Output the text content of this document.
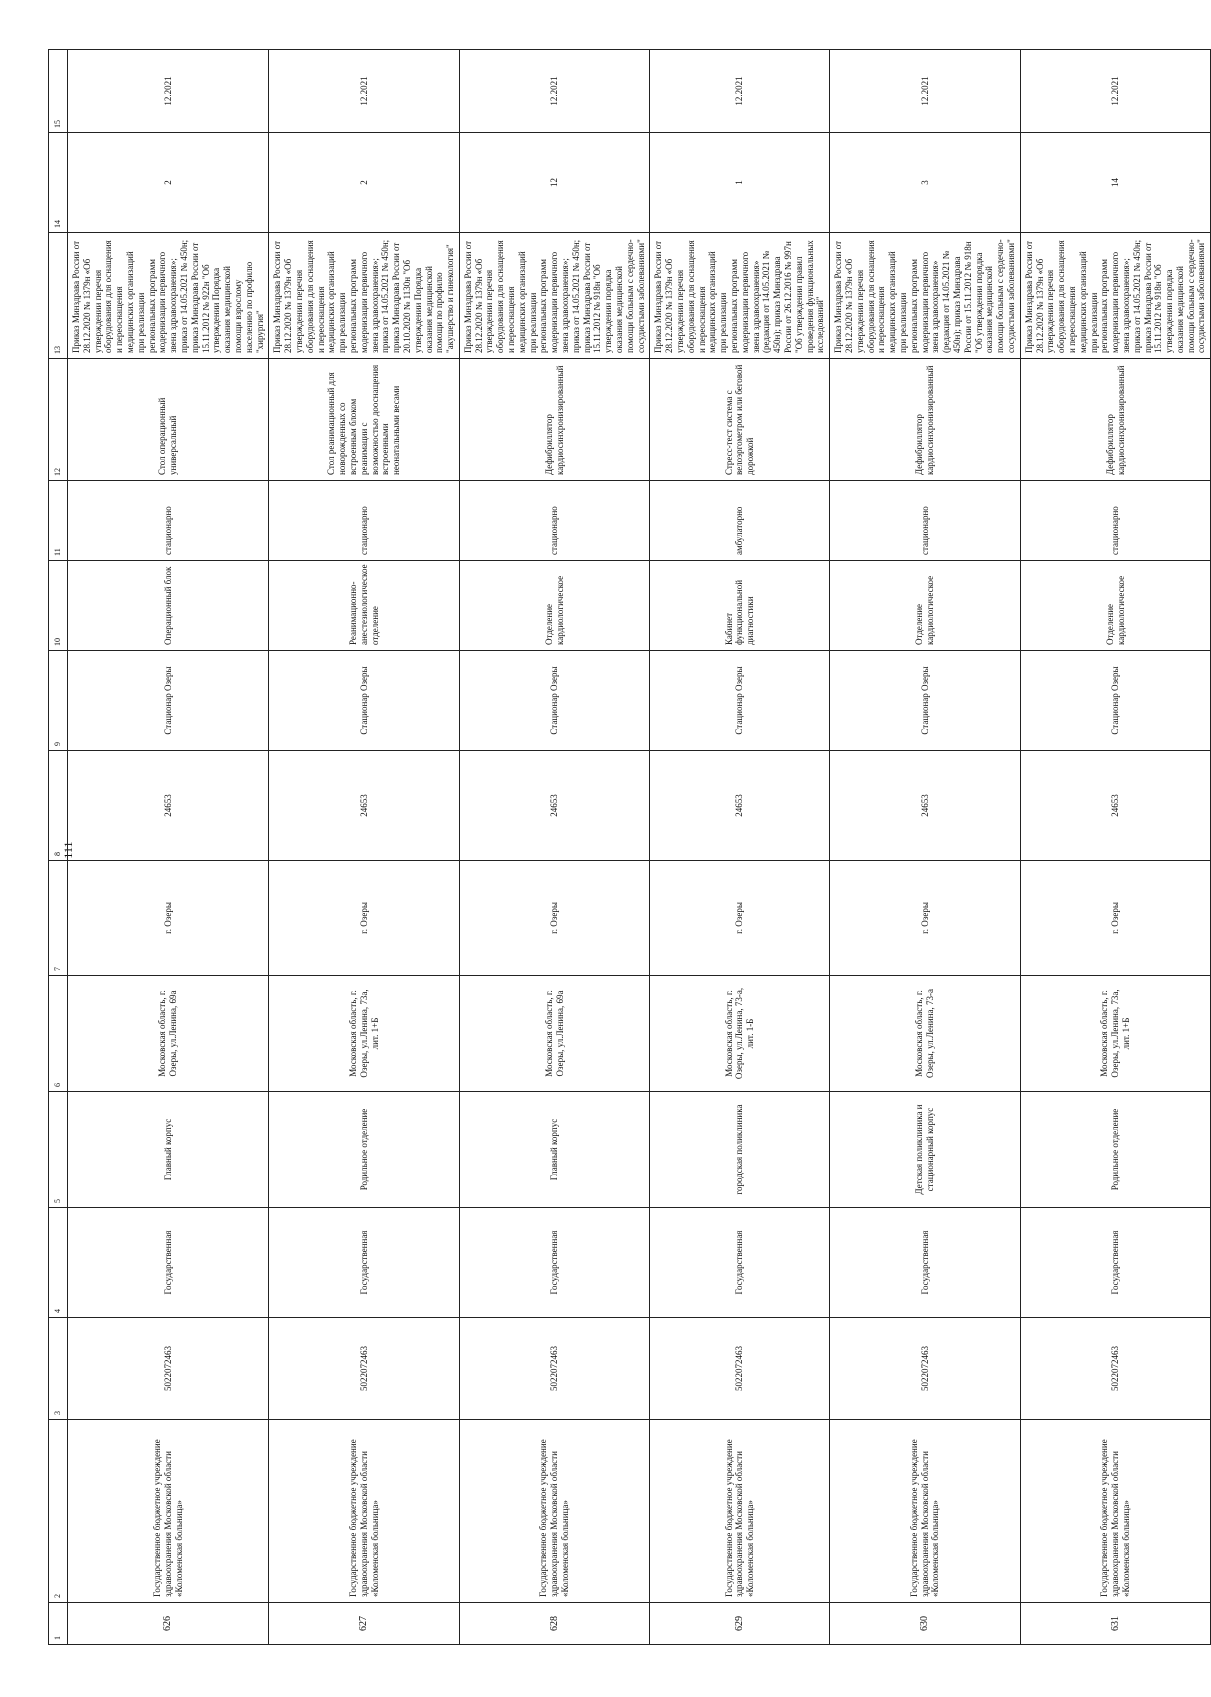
111
1	2	3	4	5	6	7	8	9	10	11	12	13	14	15
626	Государственное бюджетное учреждение здравоохранения Московской области «Коломенская больница»	5022072463	Государственная	Главный корпус	Московская область, г. Озеры, ул.Ленина, 69а	г. Озеры	24653	Стационар Озеры	Операционный блок	стационарно	Стол операционный универсальный	Приказ Минздрава России от 28.12.2020 № 1379н «Об утверждении перечня оборудования для оснащения и переоснащения медицинских организаций при реализации региональных программ модернизации первичного звена здравоохранения»; приказ от 14.05.2021 № 450н; приказ Минздрава России от 15.11.2012 № 922н "Об утверждении Порядка оказания медицинской помощи взрослому населению по профилю "хирургия"	2	12.2021
627	Государственное бюджетное учреждение здравоохранения Московской области «Коломенская больница»	5022072463	Государственная	Родильное отделение	Московская область, г. Озеры, ул.Ленина, 73а, лит. 1+Б	г. Озеры	24653	Стационар Озеры	Реанимационно-анестезиологическое отделение	стационарно	Стол реанимационный для новорожденных со встроенным блоком реанимации с возможностью дооснащения встроенными неонатальными весами	Приказ Минздрава России от 28.12.2020 № 1379н «Об утверждении перечня оборудования для оснащения и переоснащения медицинских организаций при реализации региональных программ модернизации первичного звена здравоохранения»; приказ от 14.05.2021 № 450н; приказ Минздрава России от 20.10.2020 № 1130н "Об утверждении Порядка оказания медицинской помощи по профилю "акушерство и гинекология"	2	12.2021
628	Государственное бюджетное учреждение здравоохранения Московской области «Коломенская больница»	5022072463	Государственная	Главный корпус	Московская область, г. Озеры, ул.Ленина, 69а	г. Озеры	24653	Стационар Озеры	Отделение кардиологическое	стационарно	Дефибриллятор кардиосинхронизированный	Приказ Минздрава России от 28.12.2020 № 1379н «Об утверждении перечня оборудования для оснащения и переоснащения медицинских организаций при реализации региональных программ модернизации первичного звена здравоохранения»; приказ от 14.05.2021 № 450н; приказ Минздрава России от 15.11.2012 № 918н "Об утверждении порядка оказания медицинской помощи больным с сердечно-сосудистыми заболеваниями"	12	12.2021
629	Государственное бюджетное учреждение здравоохранения Московской области «Коломенская больница»	5022072463	Государственная	городская поликлиника	Московская область, г. Озеры, ул.Ленина, 73-а, лит. 1-Б	г. Озеры	24653	Стационар Озеры	Кабинет функциональной диагностики	амбулаторно	Стресс-тест система с велоэргометром или беговой дорожкой	Приказ Минздрава России от 28.12.2020 № 1379н «Об утверждении перечня оборудования для оснащения и переоснащения медицинских организаций при реализации региональных программ модернизации первичного звена здравоохранения» (редакция от 14.05.2021 № 450н); приказ Минздрава России от 26.12.2016 № 997н "Об утверждении правил проведения функциональных исследований"	1	12.2021
630	Государственное бюджетное учреждение здравоохранения Московской области «Коломенская больница»	5022072463	Государственная	Детская поликлиника и стационарный корпус	Московская область, г. Озеры, ул.Ленина, 73-а	г. Озеры	24653	Стационар Озеры	Отделение кардиологическое	стационарно	Дефибриллятор кардиосинхронизированный	Приказ Минздрава России от 28.12.2020 № 1379н «Об утверждении перечня оборудования для оснащения и переоснащения медицинских организаций при реализации региональных программ модернизации первичного звена здравоохранения» (редакция от 14.05.2021 № 450н); приказ Минздрава России от 15.11.2012 № 918н "Об утверждении порядка оказания медицинской помощи больным с сердечно-сосудистыми заболеваниями"	3	12.2021
631	Государственное бюджетное учреждение здравоохранения Московской области «Коломенская больница»	5022072463	Государственная	Родильное отделение	Московская область, г. Озеры, ул.Ленина, 73а, лит. 1+Б	г. Озеры	24653	Стационар Озеры	Отделение кардиологическое	стационарно	Дефибриллятор кардиосинхронизированный	Приказ Минздрава России от 28.12.2020 № 1379н «Об утверждении перечня оборудования для оснащения и переоснащения медицинских организаций при реализации региональных программ модернизации первичного звена здравоохранения»; приказ от 14.05.2021 № 450н; приказ Минздрава России от 15.11.2012 № 918н "Об утверждении порядка оказания медицинской помощи больным с сердечно-сосудистыми заболеваниями"	14	12.2021
